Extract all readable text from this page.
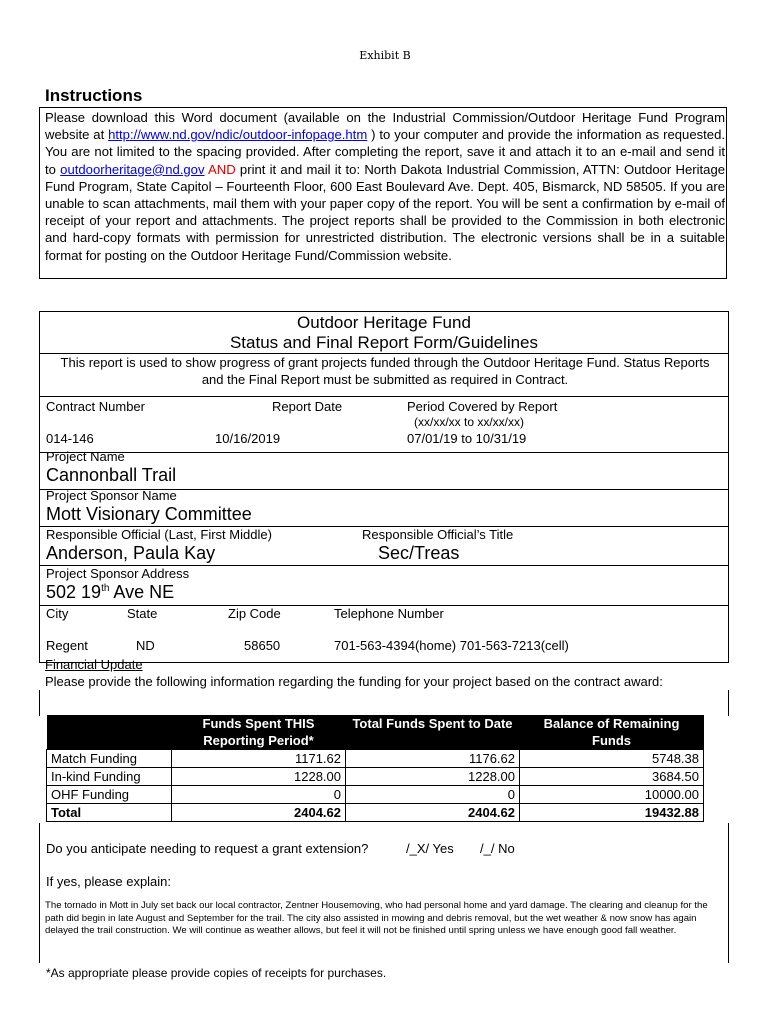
Exhibit B
Instructions
Please download this Word document (available on the Industrial Commission/Outdoor Heritage Fund Program website at http://www.nd.gov/ndic/outdoor-infopage.htm ) to your computer and provide the information as requested. You are not limited to the spacing provided. After completing the report, save it and attach it to an e-mail and send it to outdoorheritage@nd.gov AND print it and mail it to: North Dakota Industrial Commission, ATTN: Outdoor Heritage Fund Program, State Capitol – Fourteenth Floor, 600 East Boulevard Ave. Dept. 405, Bismarck, ND 58505. If you are unable to scan attachments, mail them with your paper copy of the report. You will be sent a confirmation by e-mail of receipt of your report and attachments. The project reports shall be provided to the Commission in both electronic and hard-copy formats with permission for unrestricted distribution. The electronic versions shall be in a suitable format for posting on the Outdoor Heritage Fund/Commission website.
Outdoor Heritage Fund
Status and Final Report Form/Guidelines
This report is used to show progress of grant projects funded through the Outdoor Heritage Fund. Status Reports and the Final Report must be submitted as required in Contract.
Contract Number	Report Date	Period Covered by Report
(xx/xx/xx to xx/xx/xx)
014-146	10/16/2019	07/01/19 to 10/31/19
Project Name
Cannonball Trail
Project Sponsor Name
Mott Visionary Committee
Responsible Official (Last, First Middle)	Responsible Official’s Title
Anderson, Paula Kay	Sec/Treas
Project Sponsor Address
502 19th Ave NE
City	State	Zip Code	Telephone Number
Regent	ND	58650	701-563-4394(home) 701-563-7213(cell)
Financial Update
Please provide the following information regarding the funding for your project based on the contract award:
	Funds Spent THIS Reporting Period*	Total Funds Spent to Date	Balance of Remaining Funds

Match Funding	1171.62	1176.62	5748.38
In-kind Funding	1228.00	1228.00	3684.50
OHF Funding	0	0	10000.00
Total	2404.62	2404.62	19432.88
Do you anticipate needing to request a grant extension?	/_X/ Yes /_/ No
If yes, please explain:
The tornado in Mott in July set back our local contractor, Zentner Housemoving, who had personal home and yard damage. The clearing and cleanup for the path did begin in late August and September for the trail. The city also assisted in mowing and debris removal, but the wet weather & now snow has again delayed the trail construction. We will continue as weather allows, but feel it will not be finished until spring unless we have enough good fall weather.
*As appropriate please provide copies of receipts for purchases.
